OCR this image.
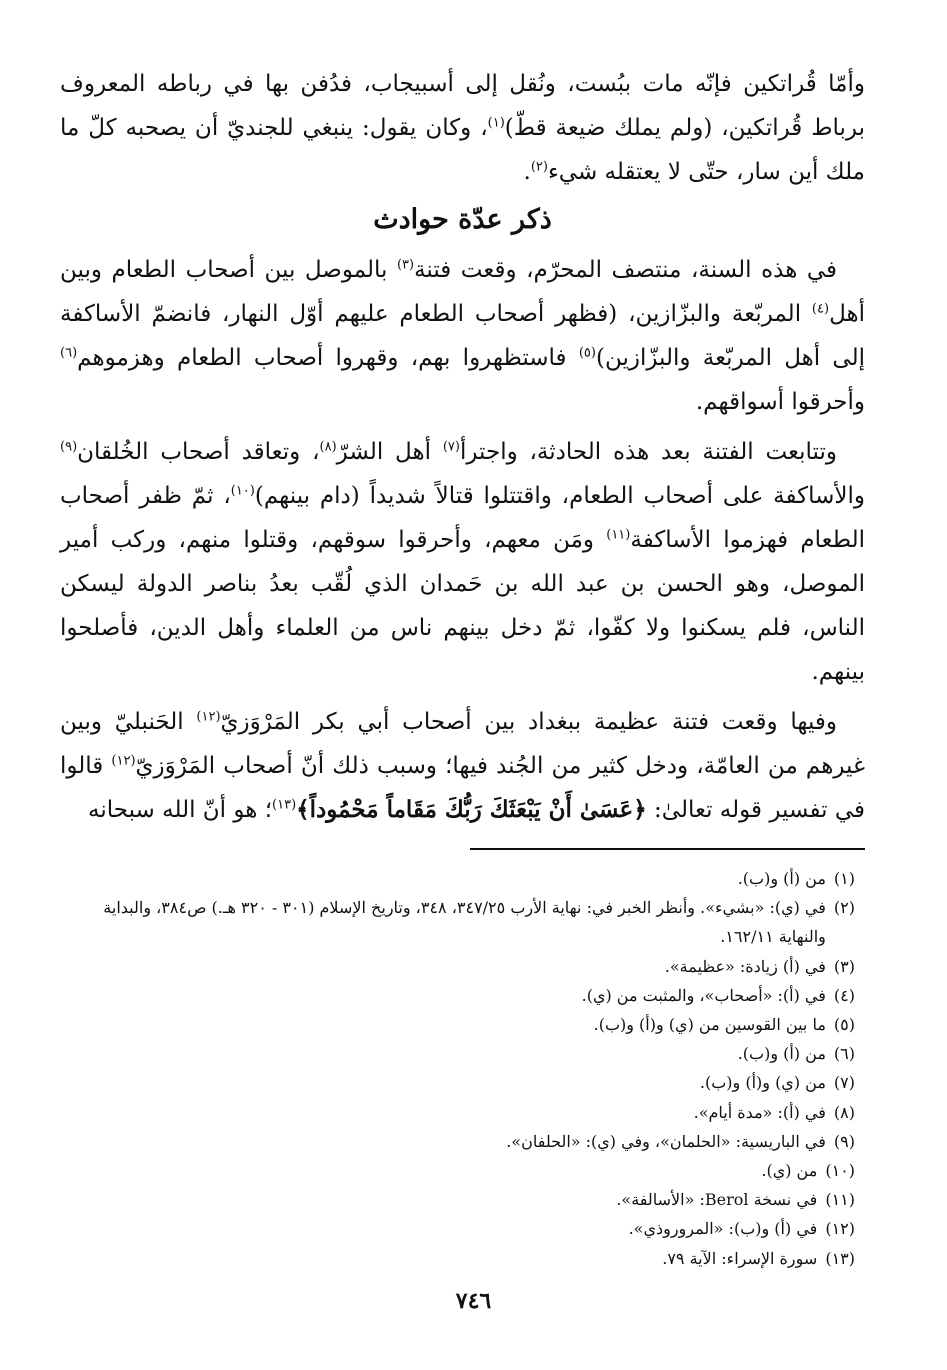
وأمّا قُراتكين فإنّه مات ببُست، ونُقل إلى أسبيجاب، فدُفن بها في رباطه المعروف برباط قُراتكين، (ولم يملك ضيعة قطّ)$^{(١)}$، وكان يقول: ينبغي للجنديّ أن يصحبه كلّ ما ملك أين سار، حتّى لا يعتقله شيء$^{(٢)}$.

ذكر عدّة حوادث

في هذه السنة، منتصف المحرّم، وقعت فتنة$^{(٣)}$ بالموصل بين أصحاب الطعام وبين أهل$^{(٤)}$ المربّعة والبزّازين، (فظهر أصحاب الطعام عليهم أوّل النهار، فانضمّ الأساكفة إلى أهل المربّعة والبزّازين)$^{(٥)}$ فاستظهروا بهم، وقهروا أصحاب الطعام وهزموهم$^{(٦)}$ وأحرقوا أسواقهم.

وتتابعت الفتنة بعد هذه الحادثة، واجترأ$^{(٧)}$ أهل الشرّ$^{(٨)}$، وتعاقد أصحاب الخُلقان$^{(٩)}$ والأساكفة على أصحاب الطعام، واقتتلوا قتالاً شديداً (دام بينهم)$^{(١٠)}$، ثمّ ظفر أصحاب الطعام فهزموا الأساكفة$^{(١١)}$ ومَن معهم، وأحرقوا سوقهم، وقتلوا منهم، وركب أمير الموصل، وهو الحسن بن عبد الله بن حَمدان الذي لُقّب بعدُ بناصر الدولة ليسكن الناس، فلم يسكنوا ولا كفّوا، ثمّ دخل بينهم ناس من العلماء وأهل الدين، فأصلحوا بينهم.

وفيها وقعت فتنة عظيمة ببغداد بين أصحاب أبي بكر المَرْوَزيّ$^{(١٢)}$ الحَنبليّ وبين غيرهم من العامّة، ودخل كثير من الجُند فيها؛ وسبب ذلك أنّ أصحاب المَرْوَزيّ$^{(١٢)}$ قالوا في تفسير قوله تعالىٰ: ﴿عَسَىٰ أَنْ يَبْعَثَكَ رَبُّكَ مَقَاماً مَحْمُوداً﴾$^{(١٣)}$؛ هو أنّ الله سبحانه

(١)
من (أ) و(ب).
(٢)
في (ي): «بشيء». وأنظر الخبر في: نهاية الأرب ٣٤٧/٢٥، ٣٤٨، وتاريخ الإسلام (٣٠١ - ٣٢٠ هـ.) ص٣٨٤، والبداية والنهاية ١٦٢/١١.
(٣)
في (أ) زيادة: «عظيمة».
(٤)
في (أ): «أصحاب»، والمثبت من (ي).
(٥)
ما بين القوسين من (ي) و(أ) و(ب).
(٦)
من (أ) و(ب).
(٧)
من (ي) و(أ) و(ب).
(٨)
في (أ): «مدة أيام».
(٩)
في الباريسية: «الحلمان»، وفي (ي): «الحلفان».
(١٠)
من (ي).
(١١)
في نسخة Berol: «الأسالفة».
(١٢)
في (أ) و(ب): «المروروذي».
(١٣)
سورة الإسراء: الآية ٧٩.
٧٤٦
